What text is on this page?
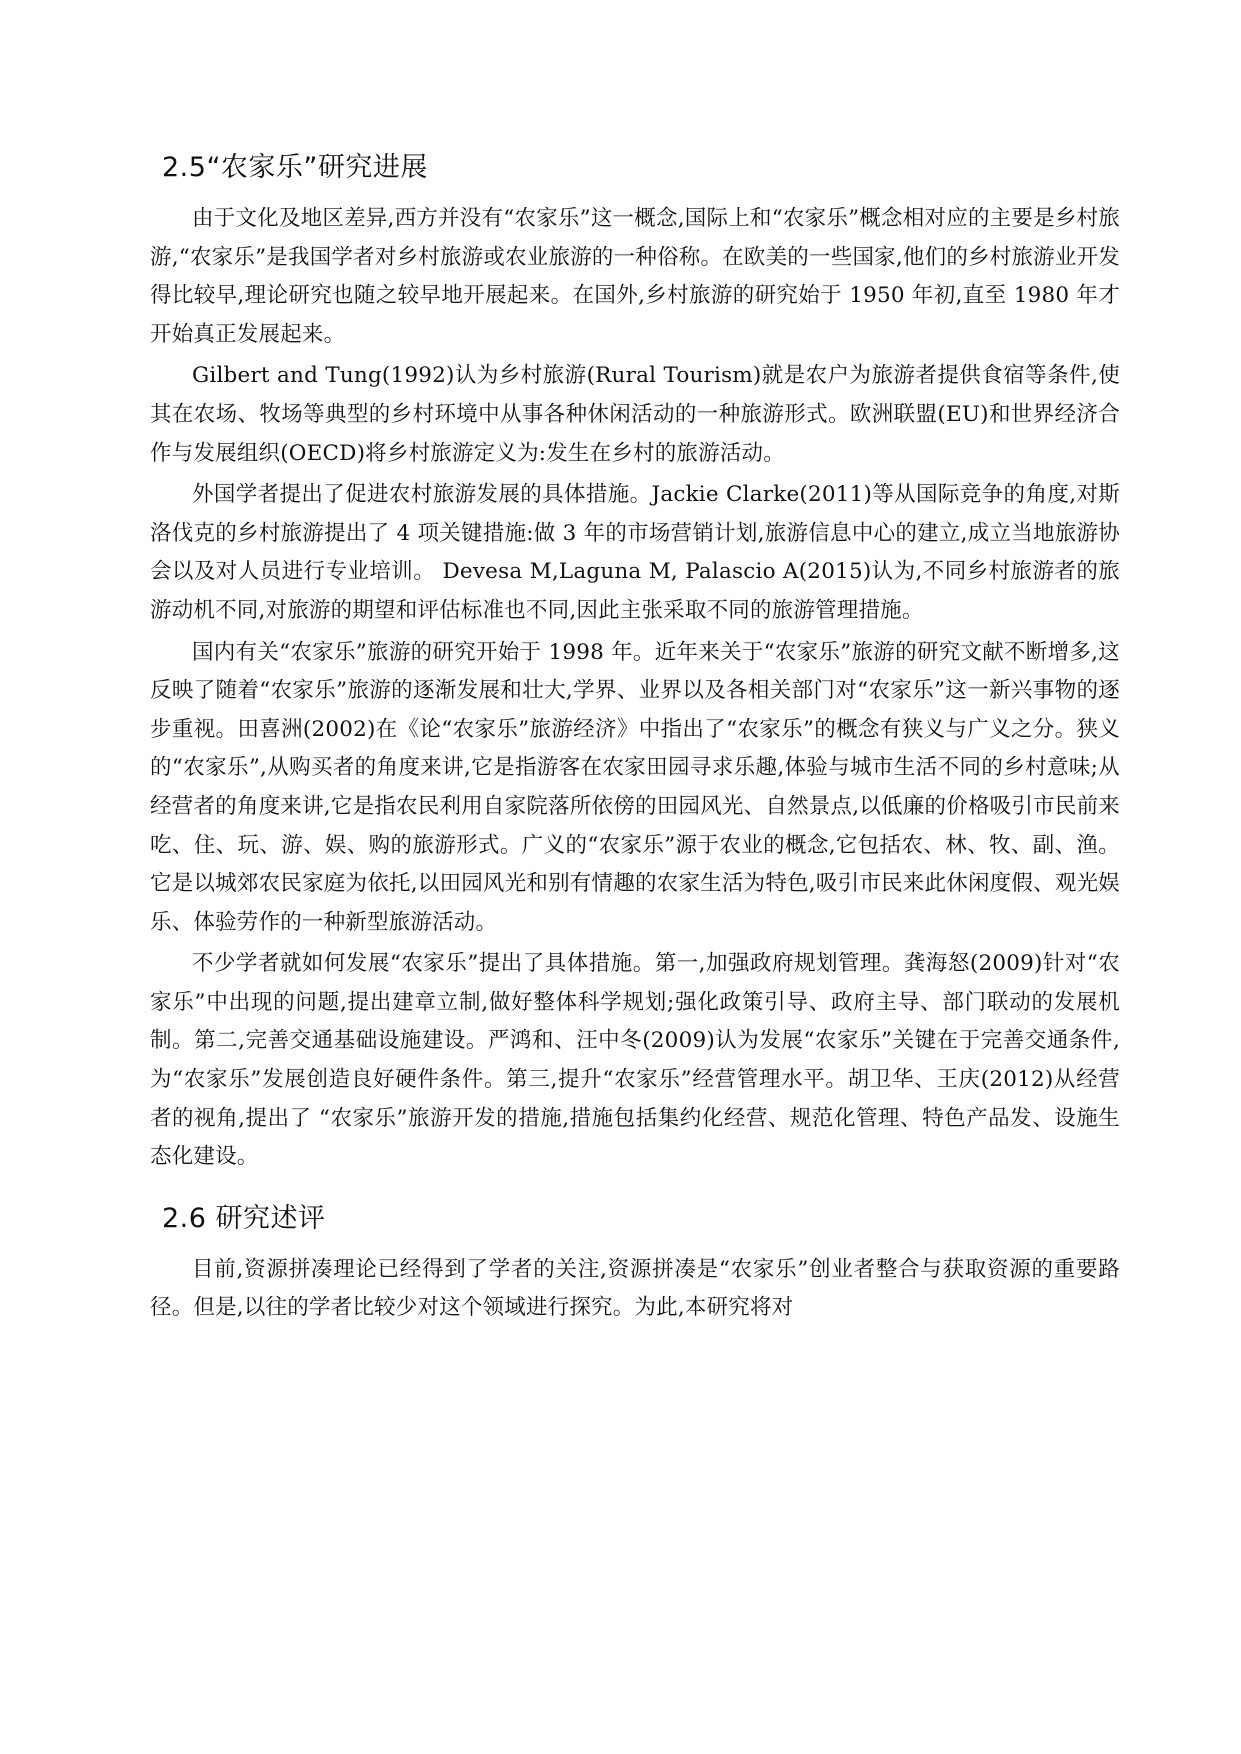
2.5“农家乐”研究进展

由于文化及地区差异,西方并没有“农家乐”这一概念,国际上和“农家乐”概念相对应的主要是乡村旅游,“农家乐”是我国学者对乡村旅游或农业旅游的一种俗称。在欧美的一些国家,他们的乡村旅游业开发得比较早,理论研究也随之较早地开展起来。在国外,乡村旅游的研究始于 1950 年初,直至 1980 年才开始真正发展起来。

Gilbert and Tung(1992)认为乡村旅游(Rural Tourism)就是农户为旅游者提供食宿等条件,使其在农场、牧场等典型的乡村环境中从事各种休闲活动的一种旅游形式。欧洲联盟(EU)和世界经济合作与发展组织(OECD)将乡村旅游定义为:发生在乡村的旅游活动。

外国学者提出了促进农村旅游发展的具体措施。Jackie Clarke(2011)等从国际竞争的角度,对斯洛伐克的乡村旅游提出了 4 项关键措施:做 3 年的市场营销计划,旅游信息中心的建立,成立当地旅游协会以及对人员进行专业培训。 Devesa M,Laguna M, Palascio A(2015)认为,不同乡村旅游者的旅游动机不同,对旅游的期望和评估标准也不同,因此主张采取不同的旅游管理措施。

国内有关“农家乐”旅游的研究开始于 1998 年。近年来关于“农家乐”旅游的研究文献不断增多,这反映了随着“农家乐”旅游的逐渐发展和壮大,学界、业界以及各相关部门对“农家乐”这一新兴事物的逐步重视。田喜洲(2002)在《论“农家乐”旅游经济》中指出了“农家乐”的概念有狭义与广义之分。狭义的“农家乐”,从购买者的角度来讲,它是指游客在农家田园寻求乐趣,体验与城市生活不同的乡村意味;从经营者的角度来讲,它是指农民利用自家院落所依傍的田园风光、自然景点,以低廉的价格吸引市民前来吃、住、玩、游、娱、购的旅游形式。广义的“农家乐”源于农业的概念,它包括农、林、牧、副、渔。它是以城郊农民家庭为依托,以田园风光和别有情趣的农家生活为特色,吸引市民来此休闲度假、观光娱乐、体验劳作的一种新型旅游活动。

不少学者就如何发展“农家乐”提出了具体措施。第一,加强政府规划管理。龚海怒(2009)针对“农家乐”中出现的问题,提出建章立制,做好整体科学规划;强化政策引导、政府主导、部门联动的发展机制。第二,完善交通基础设施建设。严鸿和、汪中冬(2009)认为发展“农家乐”关键在于完善交通条件,为“农家乐”发展创造良好硬件条件。第三,提升“农家乐”经营管理水平。胡卫华、王庆(2012)从经营者的视角,提出了 “农家乐”旅游开发的措施,措施包括集约化经营、规范化管理、特色产品发、设施生态化建设。

2.6 研究述评

目前,资源拼凑理论已经得到了学者的关注,资源拼凑是“农家乐”创业者整合与获取资源的重要路径。但是,以往的学者比较少对这个领域进行探究。为此,本研究将对
